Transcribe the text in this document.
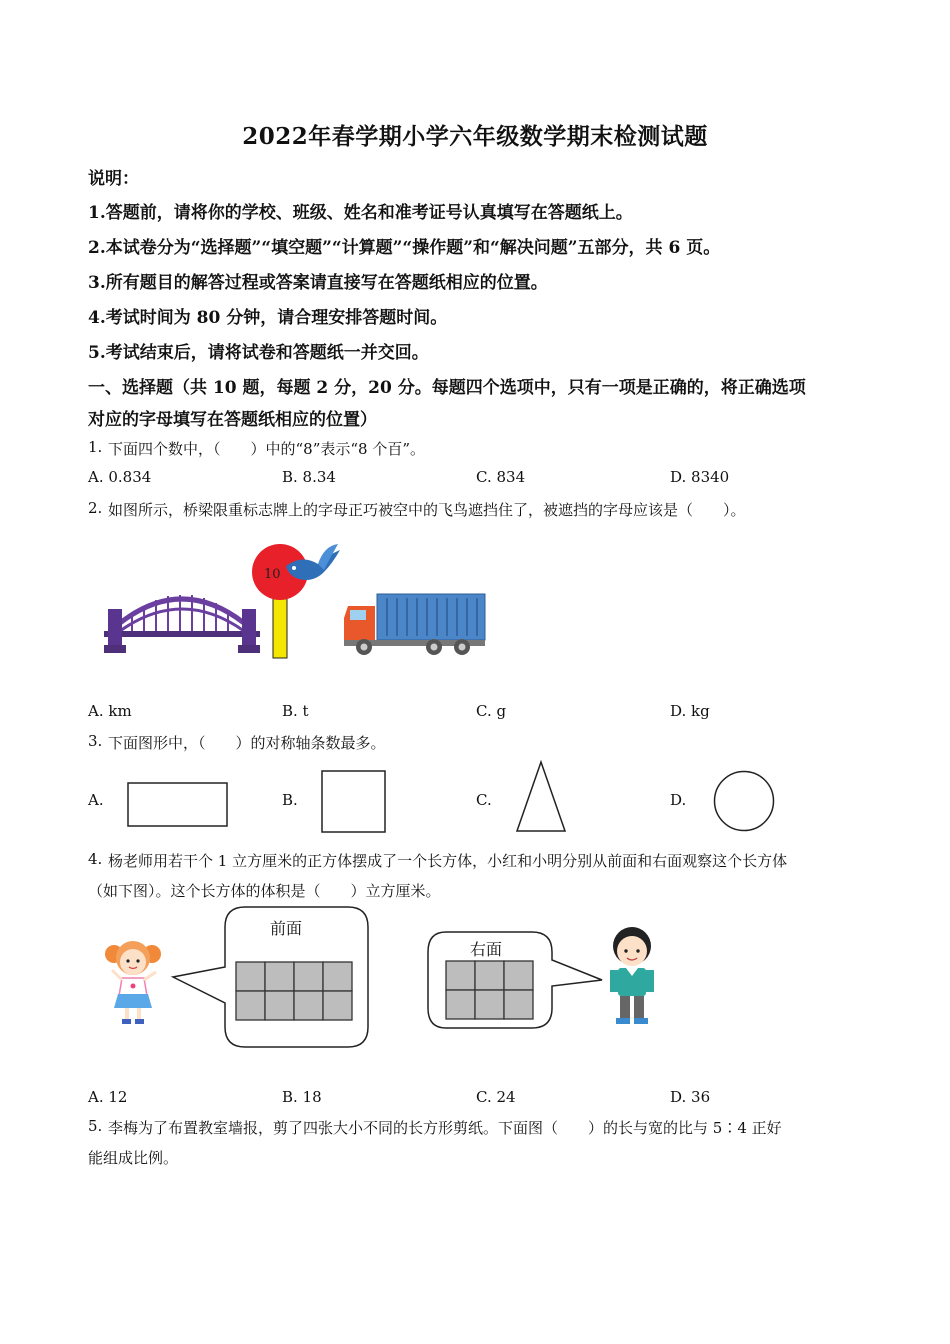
2022年春学期小学六年级数学期末检测试题
说明：
1.答题前，请将你的学校、班级、姓名和准考证号认真填写在答题纸上。
2.本试卷分为“选择题”“填空题”“计算题”“操作题”和“解决问题”五部分，共 6 页。
3.所有题目的解答过程或答案请直接写在答题纸相应的位置。
4.考试时间为 80 分钟，请合理安排答题时间。
5.考试结束后，请将试卷和答题纸一并交回。
一、选择题（共 10 题，每题 2 分，20 分。每题四个选项中，只有一项是正确的，将正确选项
对应的字母填写在答题纸相应的位置）
1. 下面四个数中，（　　）中的“8”表示“8 个百”。
A. 0.834	B. 8.34	C. 834	D. 8340
2. 如图所示，桥梁限重标志牌上的字母正巧被空中的飞鸟遮挡住了，被遮挡的字母应该是（　　）。
10
A. km	B. t	C. g	D. kg
3. 下面图形中，（　　）的对称轴条数最多。
A.	B.	C.	D.
4. 杨老师用若干个 1 立方厘米的正方体摆成了一个长方体，小红和小明分别从前面和右面观察这个长方体
（如下图）。这个长方体的体积是（　　）立方厘米。
前面
右面
A. 12	B. 18	C. 24	D. 36
5. 李梅为了布置教室墙报，剪了四张大小不同的长方形剪纸。下面图（　　）的长与宽的比与 5∶4 正好
能组成比例。
